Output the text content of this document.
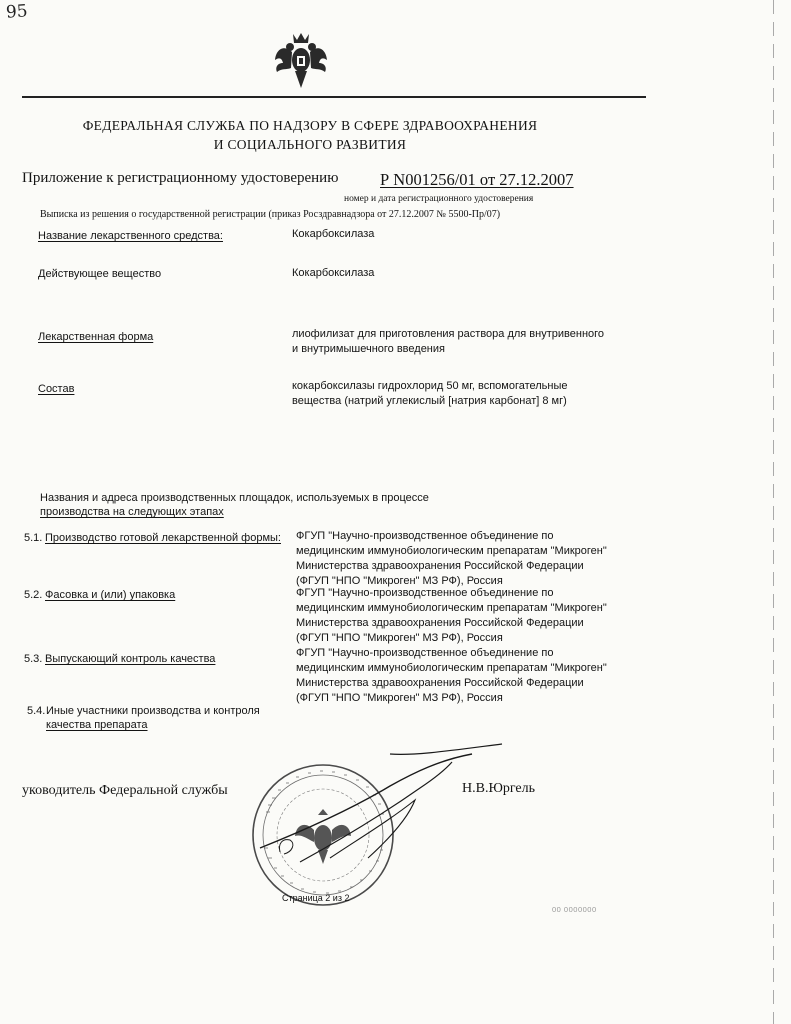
95
ФЕДЕРАЛЬНАЯ СЛУЖБА ПО НАДЗОРУ В СФЕРЕ ЗДРАВООХРАНЕНИЯ
И СОЦИАЛЬНОГО РАЗВИТИЯ
Приложение к регистрационному удостоверению	Р N001256/01 от 27.12.2007
номер и дата регистрационного удостоверения
Выписка из решения о государственной регистрации (приказ Росздравнадзора от 27.12.2007 № 5500-Пр/07)
Название лекарственного средства:	Кокарбоксилаза
Действующее вещество	Кокарбоксилаза
Лекарственная форма	лиофилизат для приготовления раствора для внутривенного
и внутримышечного введения
Состав	кокарбоксилазы гидрохлорид 50 мг, вспомогательные
вещества (натрий углекислый [натрия карбонат] 8 мг)
Названия и адреса производственных площадок, используемых в процессе
производства на следующих этапах
5.1. Производство готовой лекарственной формы: ФГУП "Научно-производственное объединение по
медицинским иммунобиологическим препаратам "Микроген"
Министерства здравоохранения Российской Федерации
(ФГУП "НПО "Микроген" МЗ РФ), Россия
5.2. Фасовка и (или) упаковка	ФГУП "Научно-производственное объединение по
медицинским иммунобиологическим препаратам "Микроген"
Министерства здравоохранения Российской Федерации
(ФГУП "НПО "Микроген" МЗ РФ), Россия
5.3. Выпускающий контроль качества	ФГУП "Научно-производственное объединение по
медицинским иммунобиологическим препаратам "Микроген"
Министерства здравоохранения Российской Федерации
(ФГУП "НПО "Микроген" МЗ РФ), Россия
5.4. Иные участники производства и контроля
качества препарата
уководитель Федеральной службы	Н.В.Юргель
Страница 2 из 2
00 0000000
